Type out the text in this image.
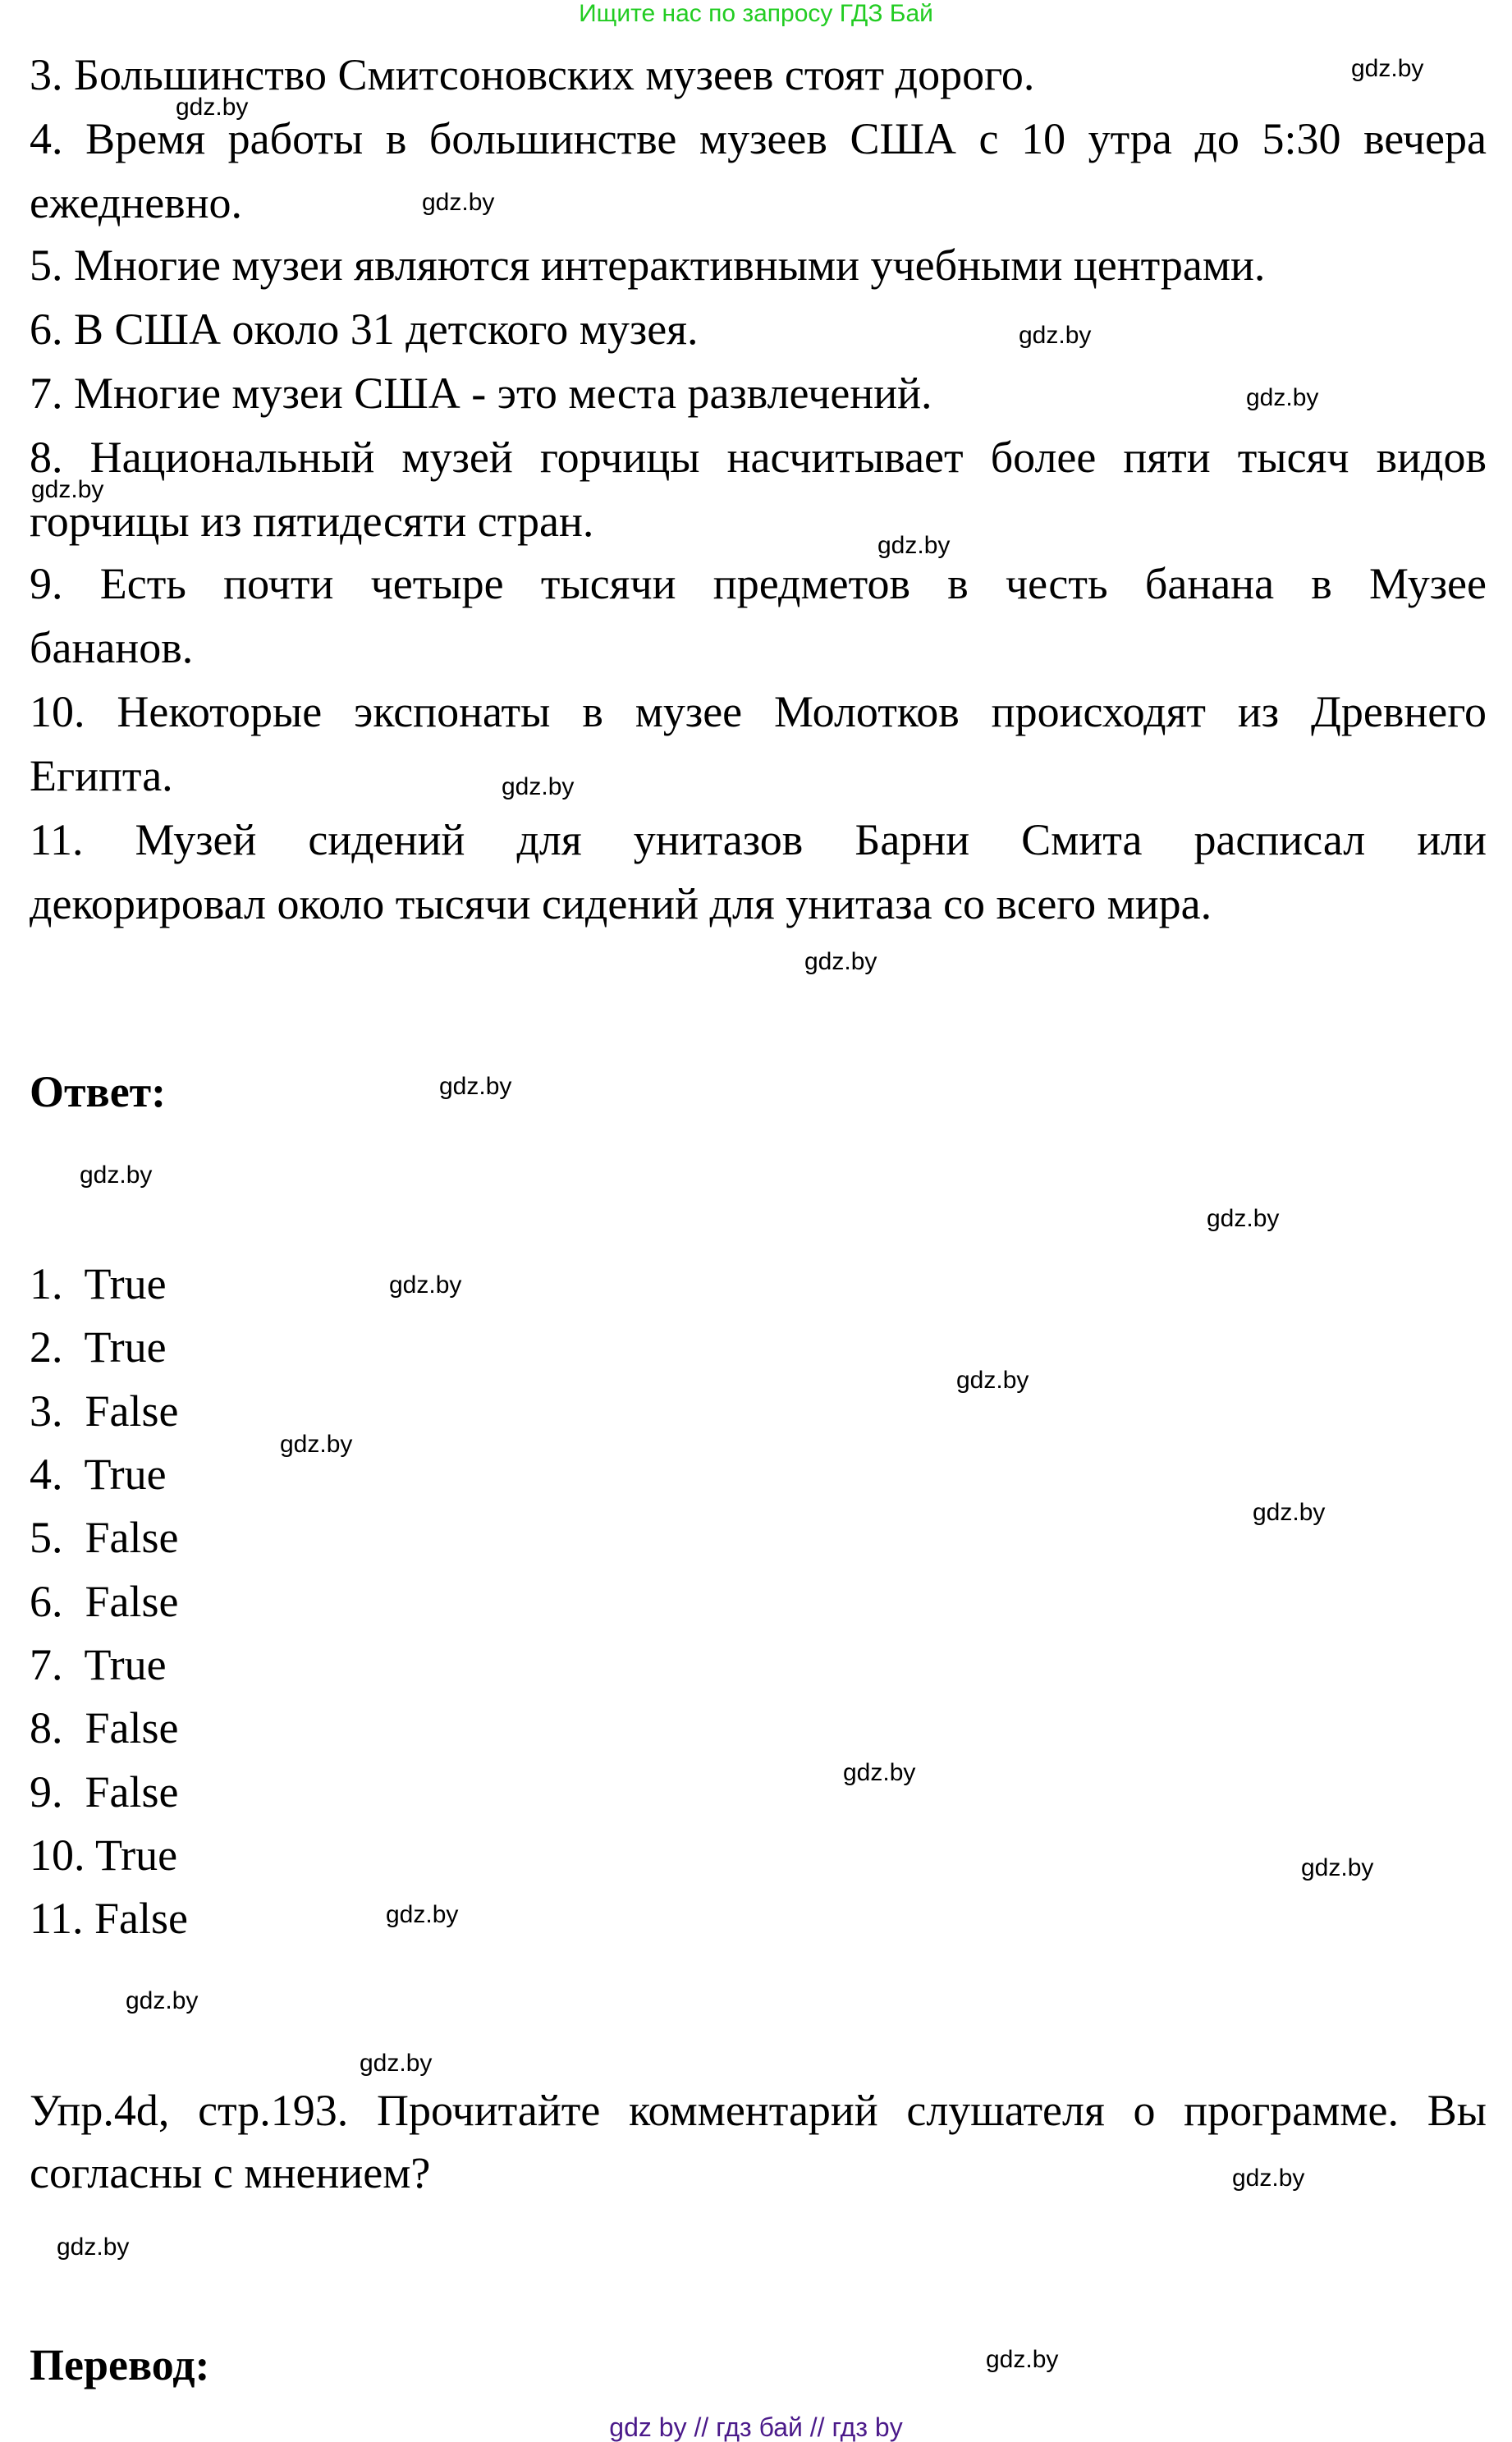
Ищите нас по запросу ГДЗ Бай
3. Большинство Смитсоновских музеев стоят дорого.
4. Время работы в большинстве музеев США с 10 утра до 5:30 вечера
ежедневно.
5. Многие музеи являются интерактивными учебными центрами.
6. В США около 31 детского музея.
7. Многие музеи США - это места развлечений.
8. Национальный музей горчицы насчитывает более пяти тысяч видов
горчицы из пятидесяти стран.
9. Есть почти четыре тысячи предметов в честь банана в Музее
бананов.
10. Некоторые экспонаты в музее Молотков происходят из Древнего
Египта.
11. Музей сидений для унитазов Барни Смита расписал или
декорировал около тысячи сидений для унитаза со всего мира.
Ответ:
1.  True
2.  True
3.  False
4.  True
5.  False
6.  False
7.  True
8.  False
9.  False
10. True
11. False
Упр.4d, стр.193. Прочитайте комментарий слушателя о программе. Вы
согласны с мнением?
Перевод:
gdz.by
gdz.by
gdz.by
gdz.by
gdz.by
gdz.by
gdz.by
gdz.by
gdz.by
gdz.by
gdz.by
gdz.by
gdz.by
gdz.by
gdz.by
gdz.by
gdz.by
gdz.by
gdz.by
gdz.by
gdz.by
gdz.by
gdz.by
gdz.by
gdz by // гдз бай // гдз by
